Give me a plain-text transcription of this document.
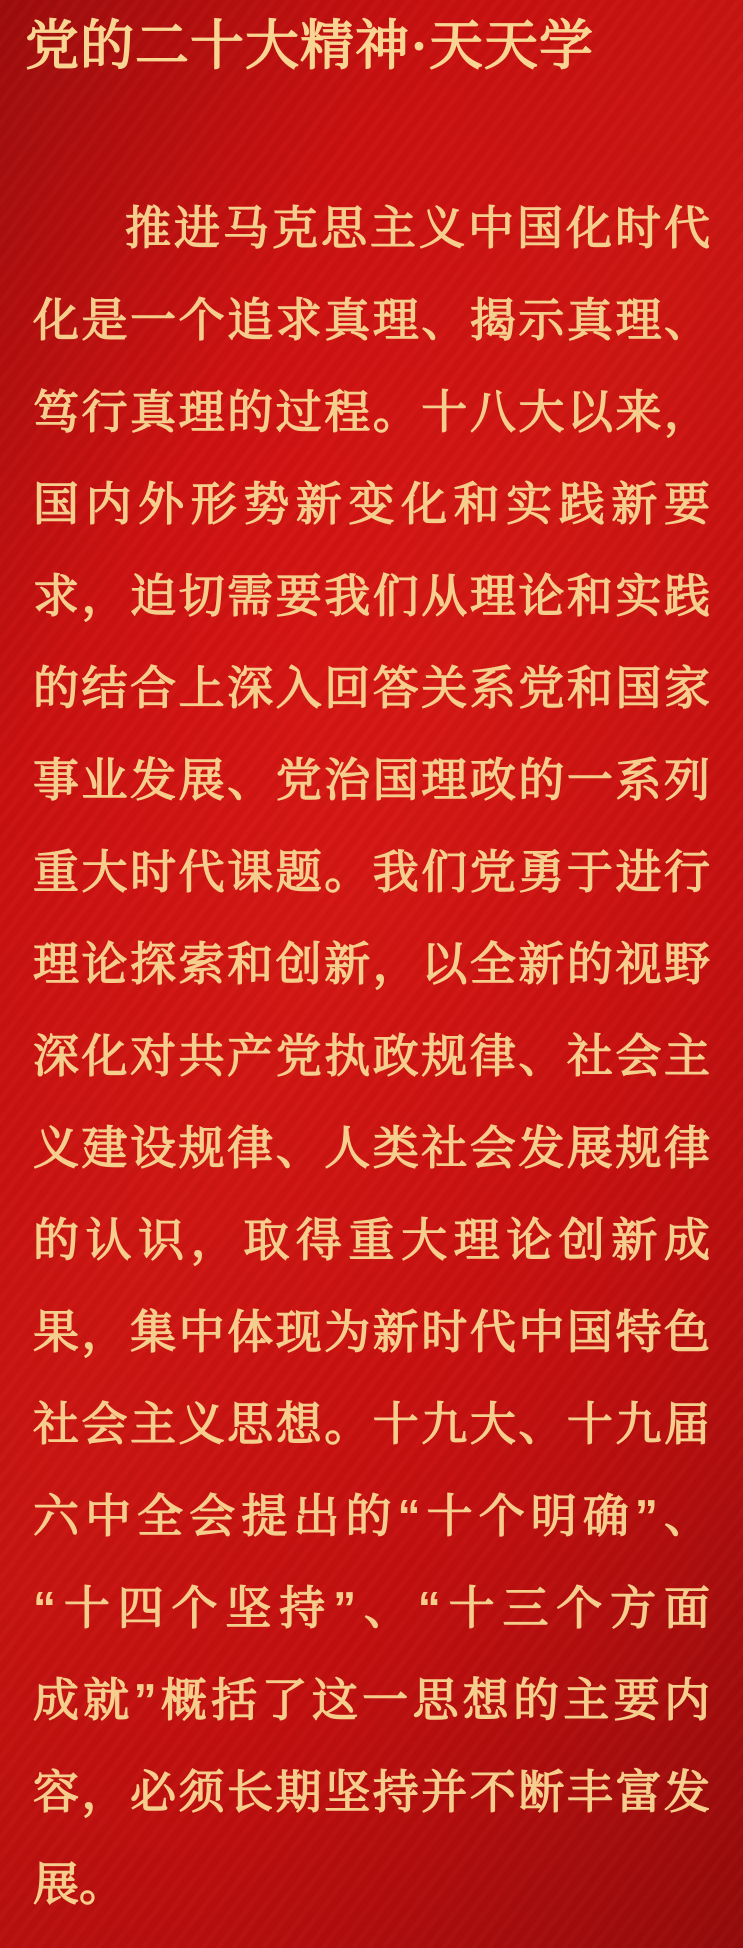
党的二十大精神·天天学
推进马克思主义中国化时代
化是一个追求真理、揭示真理、
笃行真理的过程。十八大以来，
国内外形势新变化和实践新要
求，迫切需要我们从理论和实践
的结合上深入回答关系党和国家
事业发展、党治国理政的一系列
重大时代课题。我们党勇于进行
理论探索和创新，以全新的视野
深化对共产党执政规律、社会主
义建设规律、人类社会发展规律
的认识，取得重大理论创新成
果，集中体现为新时代中国特色
社会主义思想。十九大、十九届
六中全会提出的“十个明确”、
“十四个坚持”、“十三个方面
成就”概括了这一思想的主要内
容，必须长期坚持并不断丰富发
展。
